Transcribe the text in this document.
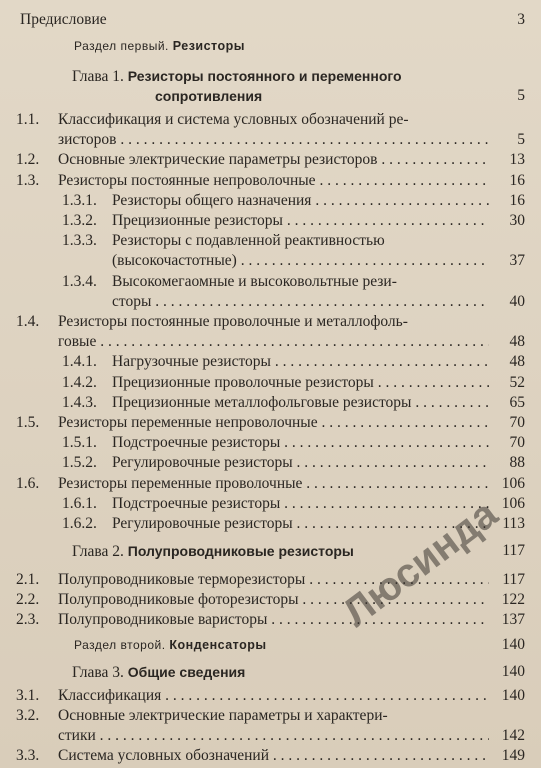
Предисловие	3
Раздел первый. Резисторы
Глава 1. Резисторы постоянного и переменного
сопротивления	5
1.1. Классификация и система условных обозначений ре-
зисторов . . .	5
1.2. Основные электрические параметры резисторов . . .	13
1.3. Резисторы постоянные непроволочные . . .	16
1.3.1. Резисторы общего назначения . . .	16
1.3.2. Прецизионные резисторы . . .	30
1.3.3. Резисторы с подавленной реактивностью
(высокочастотные) . . .	37
1.3.4. Высокомегаомные и высоковольтные рези-
сторы . . .	40
1.4. Резисторы постоянные проволочные и металлофоль-
говые . . .	48
1.4.1. Нагрузочные резисторы . . .	48
1.4.2. Прецизионные проволочные резисторы . . .	52
1.4.3. Прецизионные металлофольговые резисторы . . .	65
1.5. Резисторы переменные непроволочные . . .	70
1.5.1. Подстроечные резисторы . . .	70
1.5.2. Регулировочные резисторы . . .	88
1.6. Резисторы переменные проволочные . . .	106
1.6.1. Подстроечные резисторы . . .	106
1.6.2. Регулировочные резисторы . . .	113
Глава 2. Полупроводниковые резисторы	117
2.1. Полупроводниковые терморезисторы . . .	117
2.2. Полупроводниковые фоторезисторы . . .	122
2.3. Полупроводниковые варисторы . . .	137
Раздел второй. Конденсаторы	140
Глава 3. Общие сведения	140
3.1. Классификация . . .	140
3.2. Основные электрические параметры и характери-
стики . . .	142
3.3. Система условных обозначений . . .	149
Люсинда
